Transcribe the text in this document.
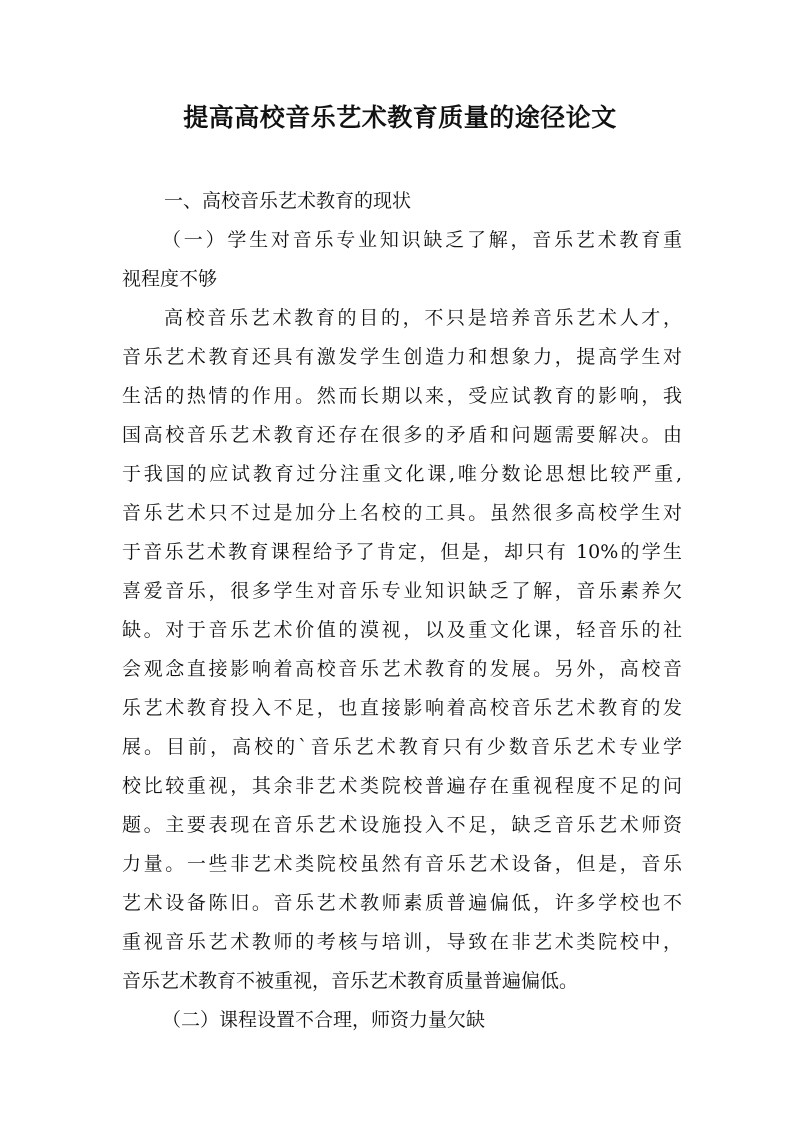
提高高校音乐艺术教育质量的途径论文
一、高校音乐艺术教育的现状
（一）学生对音乐专业知识缺乏了解，音乐艺术教育重
视程度不够
高校音乐艺术教育的目的，不只是培养音乐艺术人才，
音乐艺术教育还具有激发学生创造力和想象力，提高学生对
生活的热情的作用。然而长期以来，受应试教育的影响，我
国高校音乐艺术教育还存在很多的矛盾和问题需要解决。由
于我国的应试教育过分注重文化课,唯分数论思想比较严重,
音乐艺术只不过是加分上名校的工具。虽然很多高校学生对
于音乐艺术教育课程给予了肯定，但是，却只有 10%的学生
喜爱音乐，很多学生对音乐专业知识缺乏了解，音乐素养欠
缺。对于音乐艺术价值的漠视，以及重文化课，轻音乐的社
会观念直接影响着高校音乐艺术教育的发展。另外，高校音
乐艺术教育投入不足，也直接影响着高校音乐艺术教育的发
展。目前，高校的`音乐艺术教育只有少数音乐艺术专业学
校比较重视，其余非艺术类院校普遍存在重视程度不足的问
题。主要表现在音乐艺术设施投入不足，缺乏音乐艺术师资
力量。一些非艺术类院校虽然有音乐艺术设备，但是，音乐
艺术设备陈旧。音乐艺术教师素质普遍偏低，许多学校也不
重视音乐艺术教师的考核与培训，导致在非艺术类院校中，
音乐艺术教育不被重视，音乐艺术教育质量普遍偏低。
（二）课程设置不合理，师资力量欠缺
